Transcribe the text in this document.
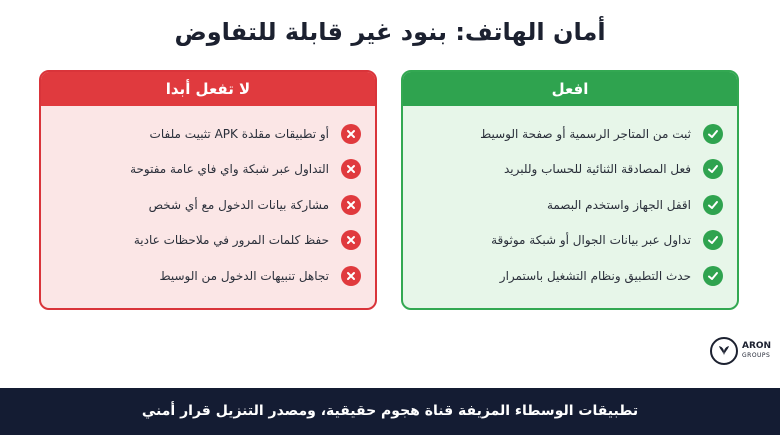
أمان الهاتف: بنود غير قابلة للتفاوض
افعل
ثبت من المتاجر الرسمية أو صفحة الوسيط
فعل المصادقة الثنائية للحساب وللبريد
اقفل الجهاز واستخدم البصمة
تداول عبر بيانات الجوال أو شبكة موثوقة
حدث التطبيق ونظام التشغيل باستمرار
لا تفعل أبدا
أو تطبيقات مقلدة APK تثبيت ملفات
التداول عبر شبكة واي فاي عامة مفتوحة
مشاركة بيانات الدخول مع أي شخص
حفظ كلمات المرور في ملاحظات عادية
تجاهل تنبيهات الدخول من الوسيط
ARON
GROUPS
تطبيقات الوسطاء المزيفة قناة هجوم حقيقية، ومصدر التنزيل قرار أمني
